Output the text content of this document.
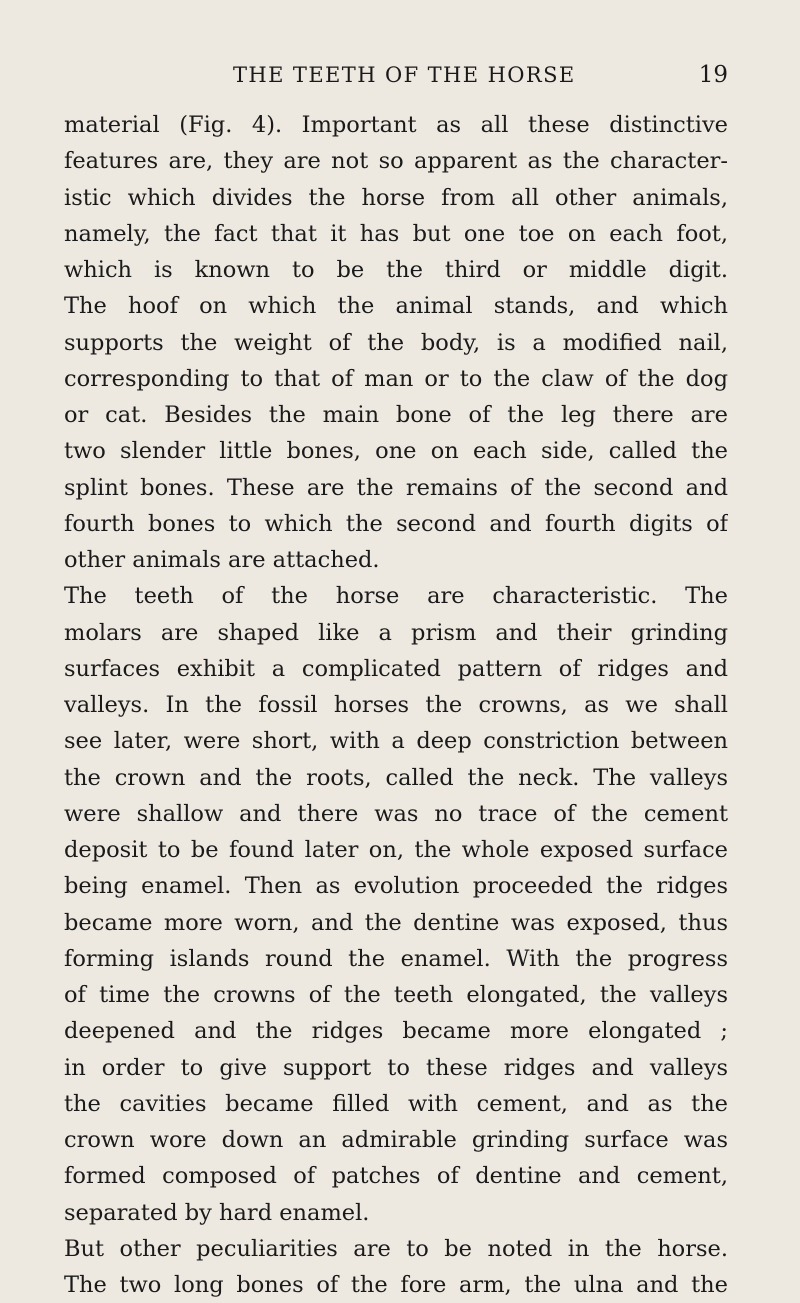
THE TEETH OF THE HORSE	19
material (Fig. 4). Important as all these distinctive
features are, they are not so apparent as the character-
istic which divides the horse from all other animals,
namely, the fact that it has but one toe on each foot,
which is known to be the third or middle digit.
The hoof on which the animal stands, and which
supports the weight of the body, is a modified nail,
corresponding to that of man or to the claw of the dog
or cat. Besides the main bone of the leg there are
two slender little bones, one on each side, called the
splint bones. These are the remains of the second and
fourth bones to which the second and fourth digits of
other animals are attached.
The teeth of the horse are characteristic. The
molars are shaped like a prism and their grinding
surfaces exhibit a complicated pattern of ridges and
valleys. In the fossil horses the crowns, as we shall
see later, were short, with a deep constriction between
the crown and the roots, called the neck. The valleys
were shallow and there was no trace of the cement
deposit to be found later on, the whole exposed surface
being enamel. Then as evolution proceeded the ridges
became more worn, and the dentine was exposed, thus
forming islands round the enamel. With the progress
of time the crowns of the teeth elongated, the valleys
deepened and the ridges became more elongated ;
in order to give support to these ridges and valleys
the cavities became filled with cement, and as the
crown wore down an admirable grinding surface was
formed composed of patches of dentine and cement,
separated by hard enamel.
But other peculiarities are to be noted in the horse.
The two long bones of the fore arm, the ulna and the
